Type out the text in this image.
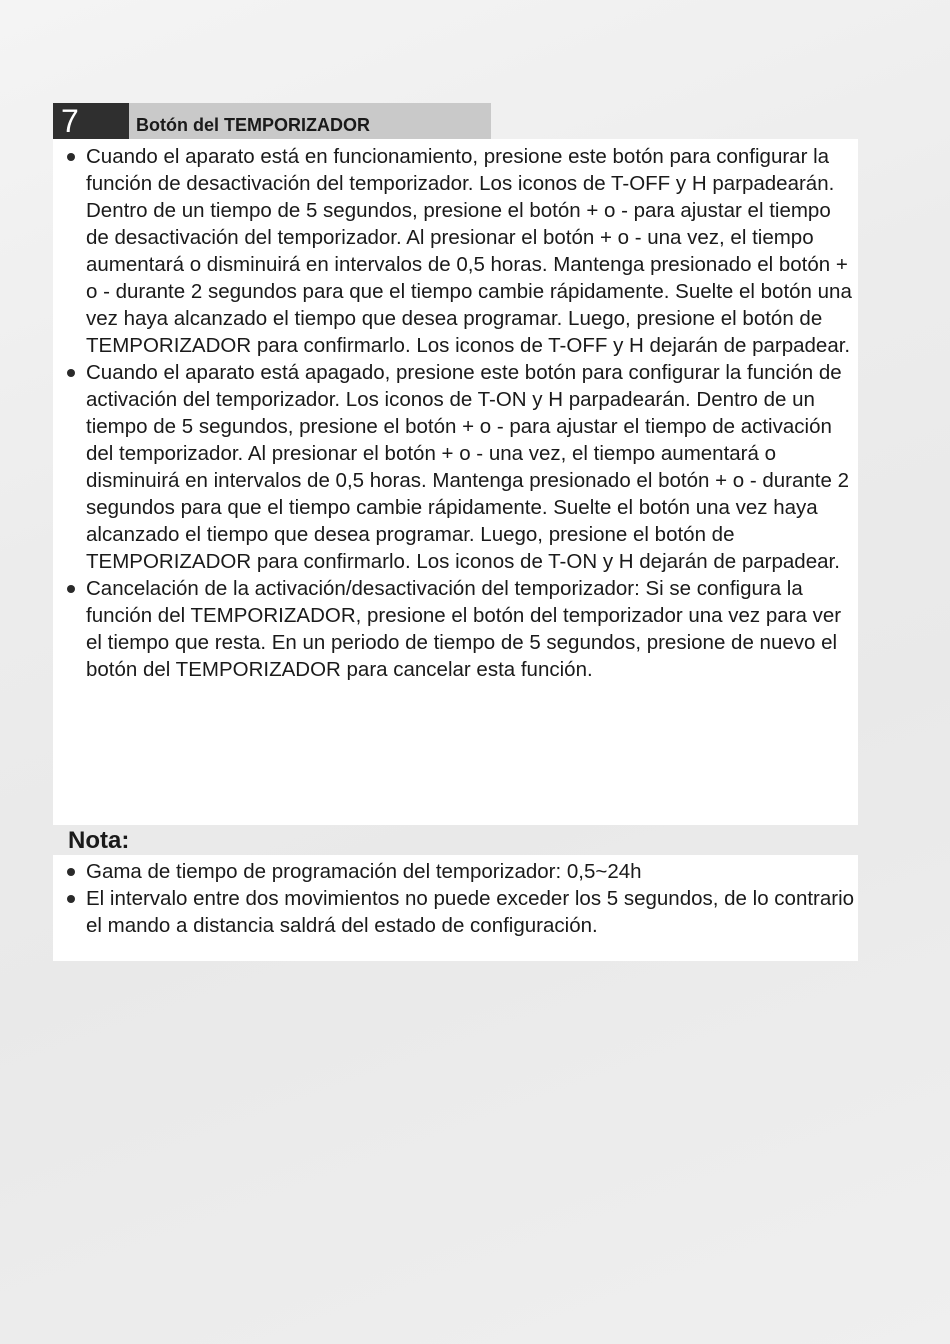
7	Botón del TEMPORIZADOR
Cuando el aparato está en funcionamiento, presione este botón para configurar la función de desactivación del temporizador. Los iconos de T-OFF y H parpadearán. Dentro de un tiempo de 5 segundos, presione el botón + o - para ajustar el tiempo de desactivación del temporizador. Al presionar el botón + o - una vez, el tiempo aumentará o disminuirá en intervalos de 0,5 horas. Mantenga presionado el botón + o - durante 2 segundos para que el tiempo cambie rápidamente. Suelte el botón una vez haya alcanzado el tiempo que desea programar. Luego, presione el botón de TEMPORIZADOR para confirmarlo. Los iconos de T-OFF y H dejarán de parpadear.
Cuando el aparato está apagado, presione este botón para configurar la función de activación del temporizador. Los iconos de T-ON y H parpadearán. Dentro de un tiempo de 5 segundos, presione el botón + o - para ajustar el tiempo de activación del temporizador. Al presionar el botón + o - una vez, el tiempo aumentará o disminuirá en intervalos de 0,5 horas. Mantenga presionado el botón + o - durante 2 segundos para que el tiempo cambie rápidamente. Suelte el botón una vez haya alcanzado el tiempo que desea programar. Luego, presione el botón de TEMPORIZADOR para confirmarlo. Los iconos de T-ON y H dejarán de parpadear.
Cancelación de la activación/desactivación del temporizador: Si se configura la función del TEMPORIZADOR, presione el botón del temporizador una vez para ver el tiempo que resta. En un periodo de tiempo de 5 segundos, presione de nuevo el botón del TEMPORIZADOR para cancelar esta función.
Nota:
Gama de tiempo de programación del temporizador: 0,5~24h
El intervalo entre dos movimientos no puede exceder los 5 segundos, de lo contrario el mando a distancia saldrá del estado de configuración.
